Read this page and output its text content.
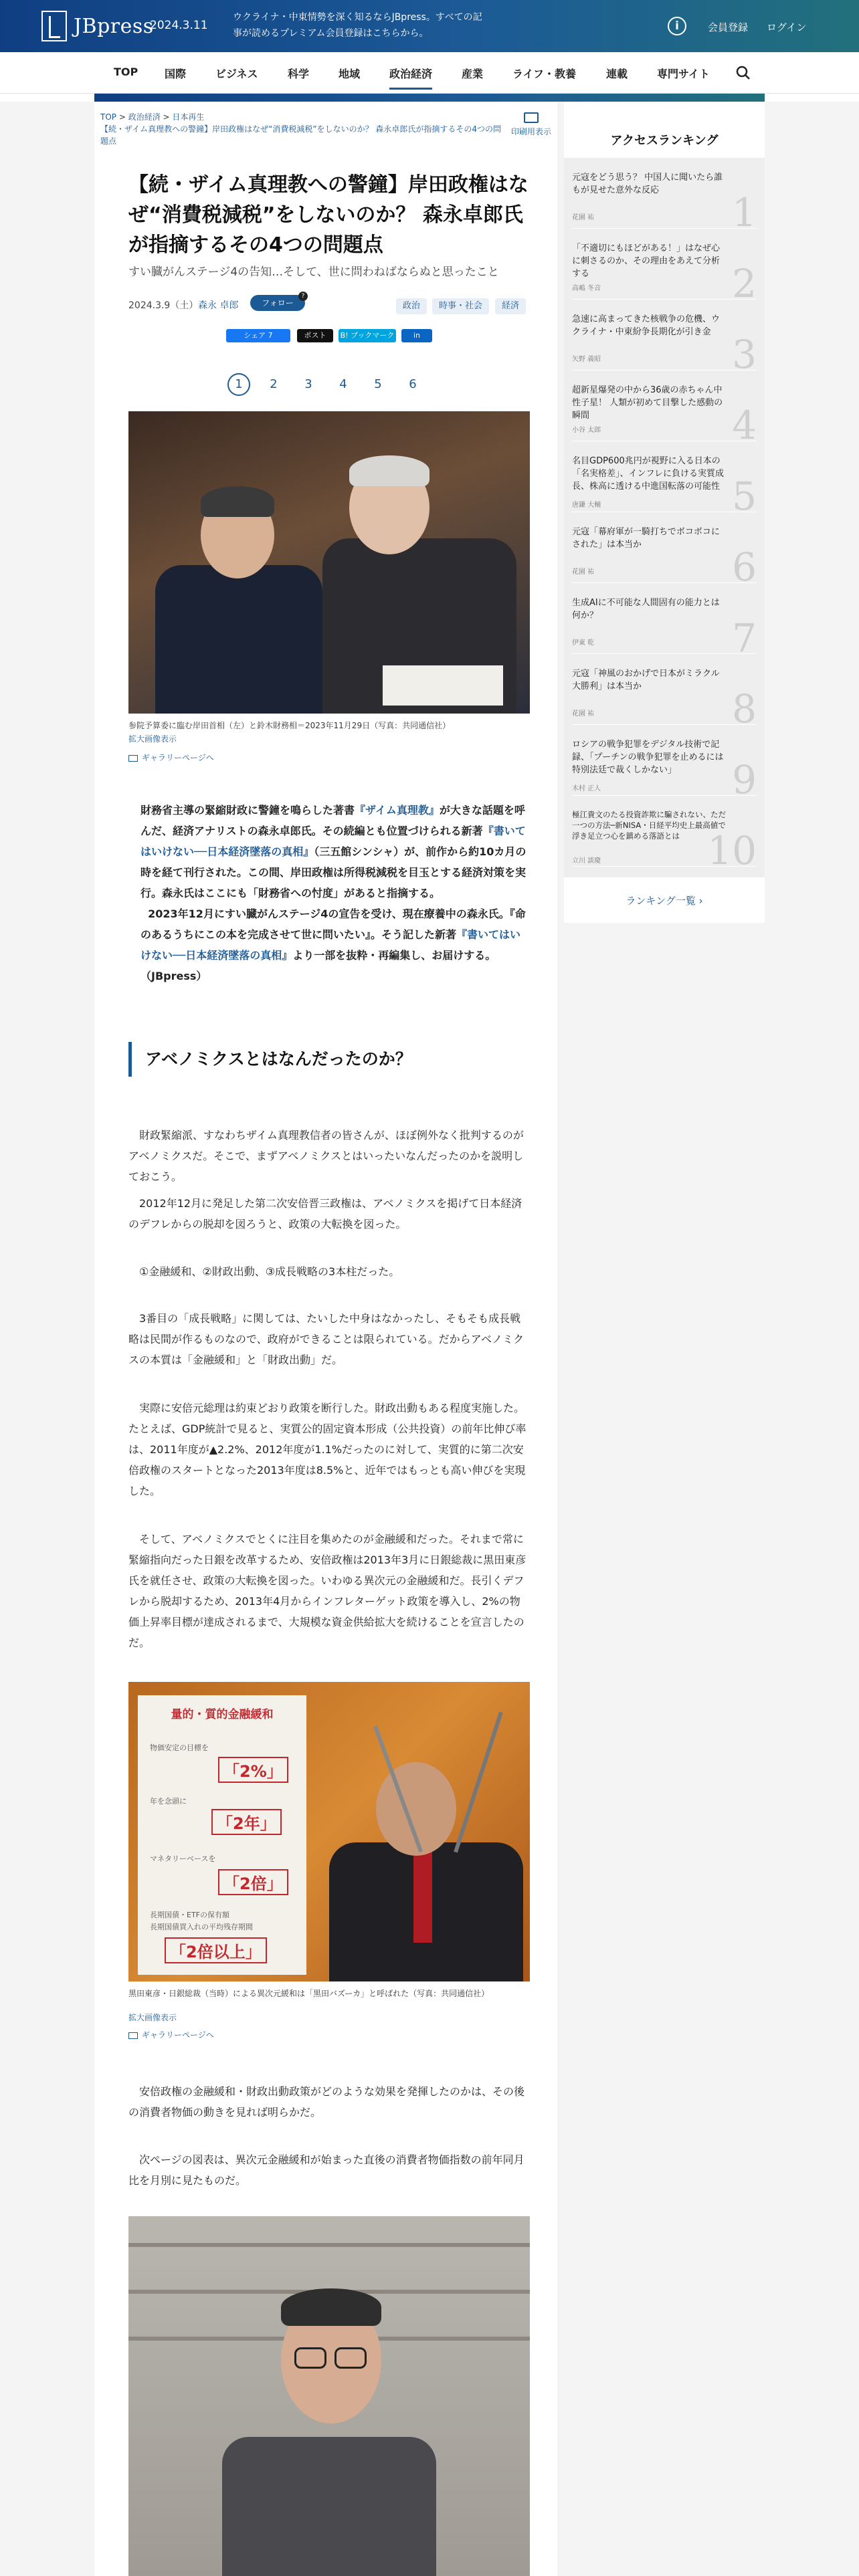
JBpress
2024.3.11
ウクライナ・中東情勢を深く知るならJBpress。すべての記事が読めるプレミアム会員登録はこちらから。
i	会員登録 ログイン
TOP 国際	ビジネス	科学	地域	政治経済	産業	ライフ・教養	連載	専門サイト
TOP > 政治経済 > 日本再生
【続・ザイム真理教への警鐘】岸田政権はなぜ“消費税減税”をしないのか？ 森永卓郎氏が指摘するその4つの問題点
印刷用表示
【続・ザイム真理教への警鐘】岸田政権はなぜ“消費税減税”をしないのか？ 森永卓郎氏が指摘するその4つの問題点

すい臓がんステージ4の告知…そして、世に問わねばならぬと思ったこと

2024.3.9（土） 森永 卓郎	フォロー
?
政治	時事・社会	経済
シェア 7	ポスト	B! ブックマーク	in
1	2	3	4	5	6

参院予算委に臨む岸田首相（左）と鈴木財務相＝2023年11月29日（写真：共同通信社）

拡大画像表示
ギャラリーページへ
財務省主導の緊縮財政に警鐘を鳴らした著書『ザイム真理教』が大きな話題を呼んだ、経済アナリストの森永卓郎氏。その続編とも位置づけられる新著『書いてはいけない──日本経済墜落の真相』（三五館シンシャ）が、前作から約10カ月の時を経て刊行された。この間、岸田政権は所得税減税を目玉とする経済対策を実行。森永氏はここにも「財務省への忖度」があると指摘する。
2023年12月にすい臓がんステージ4の宣告を受け、現在療養中の森永氏。『命のあるうちにこの本を完成させて世に問いたい』。そう記した新著『書いてはいけない──日本経済墜落の真相』より一部を抜粋・再編集し、お届けする。（JBpress）
アベノミクスとはなんだったのか？

財政緊縮派、すなわちザイム真理教信者の皆さんが、ほぼ例外なく批判するのがアベノミクスだ。そこで、まずアベノミクスとはいったいなんだったのかを説明しておこう。

2012年12月に発足した第二次安倍晋三政権は、アベノミクスを掲げて日本経済のデフレからの脱却を図ろうと、政策の大転換を図った。

①金融緩和、②財政出動、③成長戦略の3本柱だった。

3番目の「成長戦略」に関しては、たいした中身はなかったし、そもそも成長戦略は民間が作るものなので、政府ができることは限られている。だからアベノミクスの本質は「金融緩和」と「財政出動」だ。

実際に安倍元総理は約束どおり政策を断行した。財政出動もある程度実施した。たとえば、GDP統計で見ると、実質公的固定資本形成（公共投資）の前年比伸び率は、2011年度が▲2.2%、2012年度が1.1%だったのに対して、実質的に第二次安倍政権のスタートとなった2013年度は8.5%と、近年ではもっとも高い伸びを実現した。

そして、アベノミクスでとくに注目を集めたのが金融緩和だった。それまで常に緊縮指向だった日銀を改革するため、安倍政権は2013年3月に日銀総裁に黒田東彦氏を就任させ、政策の大転換を図った。いわゆる異次元の金融緩和だ。長引くデフレから脱却するため、2013年4月からインフレターゲット政策を導入し、2%の物価上昇率目標が達成されるまで、大規模な資金供給拡大を続けることを宣言したのだ。

量的・質的金融緩和
物価安定の目標を
「2%」
年を念頭に
「2年」
マネタリーベースを
「2倍」
長期国債・ETFの保有額
長期国債買入れの平均残存期間
「2倍以上」

黒田東彦・日銀総裁（当時）による異次元緩和は「黒田バズーカ」と呼ばれた（写真：共同通信社）

拡大画像表示
ギャラリーページへ

安倍政権の金融緩和・財政出動政策がどのような効果を発揮したのかは、その後の消費者物価の動きを見れば明らかだ。

次ページの図表は、異次元金融緩和が始まった直後の消費者物価指数の前年同月比を月別に見たものだ。

アクセスランキング
元寇をどう思う？ 中国人に聞いたら誰もが見せた意外な反応
花園 祐	1
「不適切にもほどがある！」はなぜ心に刺さるのか、その理由をあえて分析する
高嶋 冬音	2
急速に高まってきた核戦争の危機、ウクライナ・中東紛争長期化が引き金
矢野 義昭	3
超新星爆発の中から36歳の赤ちゃん中性子星！ 人類が初めて目撃した感動の瞬間
小谷 太郎	4
名目GDP600兆円が視野に入る日本の「名実格差」、インフレに負ける実質成長、株高に透ける中進国転落の可能性
唐鎌 大輔	5
元寇「幕府軍が一騎打ちでボコボコにされた」は本当か
花園 祐	6
生成AIに不可能な人間固有の能力とは何か？
伊東 乾	7
元寇「神風のおかげで日本がミラクル大勝利」は本当か
花園 祐	8
ロシアの戦争犯罪をデジタル技術で記録、「プーチンの戦争犯罪を止めるには特別法廷で裁くしかない」
木村 正人	9
極江貴文のたる投資詐欺に騙されない、ただ一つの方法─新NISA・日経平均史上最高値で浮き足立つ心を鎮める落語とは
立川 談慶	10
ランキング一覧 ›
